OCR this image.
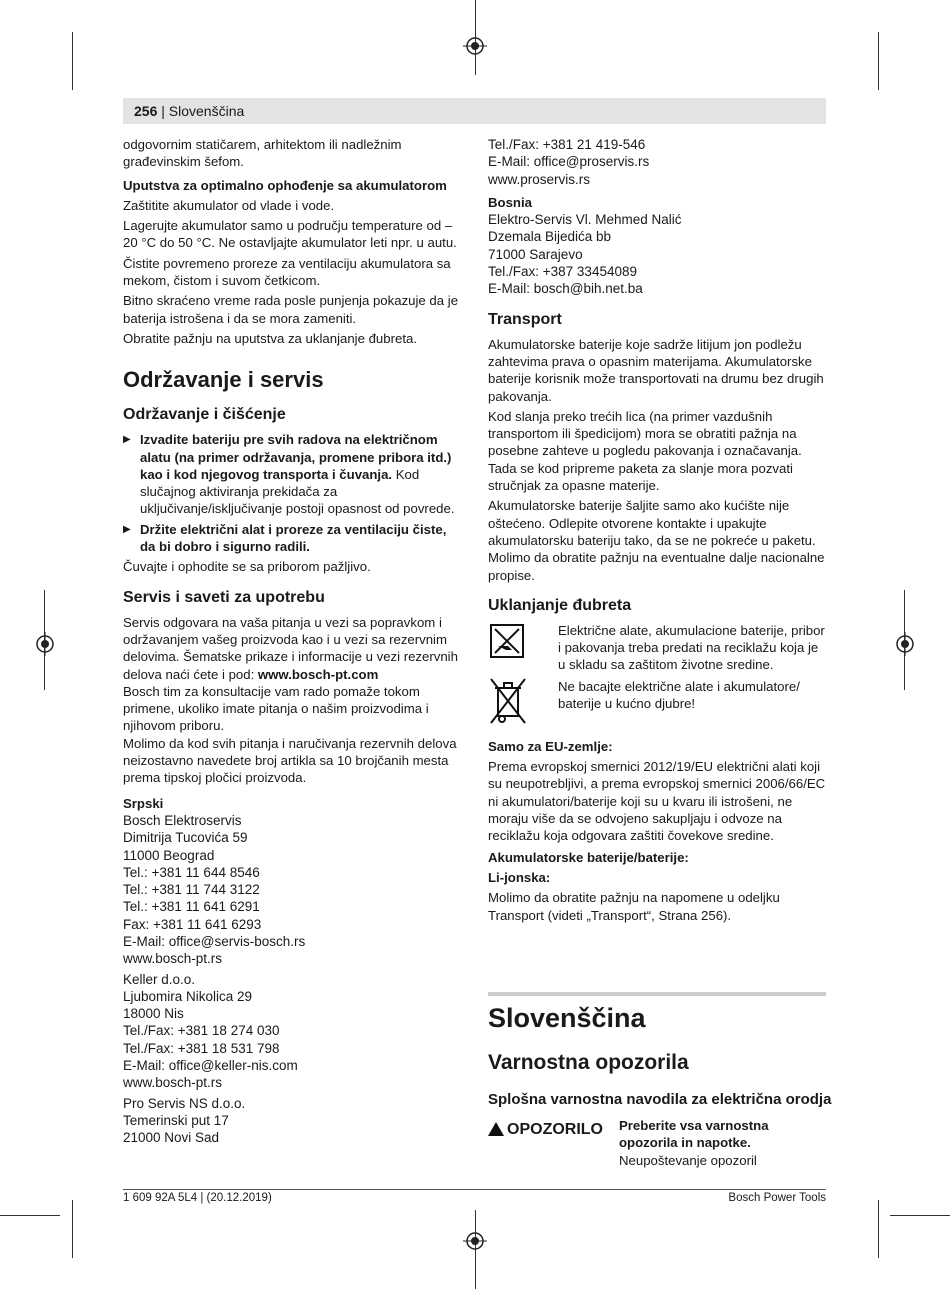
256 | Slovenščina

odgovornim statičarem, arhitektom ili nadležnim građevinskim šefom.

Uputstva za optimalno ophođenje sa akumulatorom

Zaštitite akumulator od vlade i vode.

Lagerujte akumulator samo u području temperature od –20 °C do 50 °C. Ne ostavljajte akumulator leti npr. u autu.

Čistite povremeno proreze za ventilaciju akumulatora sa mekom, čistom i suvom četkicom.

Bitno skraćeno vreme rada posle punjenja pokazuje da je baterija istrošena i da se mora zameniti.

Obratite pažnju na uputstva za uklanjanje đubreta.

Održavanje i servis
Održavanje i čišćenje

▶ Izvadite bateriju pre svih radova na električnom alatu (na primer održavanja, promene pribora itd.) kao i kod njegovog transporta i čuvanja. Kod slučajnog aktiviranja prekidača za uključivanje/isključivanje postoji opasnost od povrede.

▶ Držite električni alat i proreze za ventilaciju čiste, da bi dobro i sigurno radili.

Čuvajte i ophodite se sa priborom pažljivo.

Servis i saveti za upotrebu

Servis odgovara na vaša pitanja u vezi sa popravkom i održavanjem vašeg proizvoda kao i u vezi sa rezervnim delovima. Šematske prikaze i informacije u vezi rezervnih delova naći ćete i pod: www.bosch-pt.com

Bosch tim za konsultacije vam rado pomaže tokom primene, ukoliko imate pitanja o našim proizvodima i njihovom priboru.

Molimo da kod svih pitanja i naručivanja rezervnih delova neizostavno navedete broj artikla sa 10 brojčanih mesta prema tipskoj pločici proizvoda.

Srpski

Bosch Elektroservis
Dimitrija Tucovića 59
11000 Beograd
Tel.: +381 11 644 8546
Tel.: +381 11 744 3122
Tel.: +381 11 641 6291
Fax: +381 11 641 6293
E-Mail: office@servis-bosch.rs
www.bosch-pt.rs
Keller d.o.o.
Ljubomira Nikolica 29
18000 Nis
Tel./Fax: +381 18 274 030
Tel./Fax: +381 18 531 798
E-Mail: office@keller-nis.com
www.bosch-pt.rs
Pro Servis NS d.o.o.
Temerinski put 17
21000 Novi Sad
Tel./Fax: +381 21 419-546
E-Mail: office@proservis.rs
www.proservis.rs

Bosnia

Elektro-Servis Vl. Mehmed Nalić
Dzemala Bijedića bb
71000 Sarajevo
Tel./Fax: +387 33454089
E-Mail: bosch@bih.net.ba
Transport

Akumulatorske baterije koje sadrže litijum jon podležu zahtevima prava o opasnim materijama. Akumulatorske baterije korisnik može transportovati na drumu bez drugih pakovanja.

Kod slanja preko trećih lica (na primer vazdušnih transportom ili špedicijom) mora se obratiti pažnja na posebne zahteve u pogledu pakovanja i označavanja. Tada se kod pripreme paketa za slanje mora pozvati stručnjak za opasne materije.

Akumulatorske baterije šaljite samo ako kućište nije oštećeno. Odlepite otvorene kontakte i upakujte akumulatorsku bateriju tako, da se ne pokreće u paketu. Molimo da obratite pažnju na eventualne dalje nacionalne propise.

Uklanjanje đubreta

Električne alate, akumulacione baterije, pribor i pakovanja treba predati na reciklažu koja je u skladu sa zaštitom životne sredine.

Ne bacajte električne alate i akumulatore/ baterije u kućno djubre!

Samo za EU-zemlje:

Prema evropskoj smernici 2012/19/EU električni alati koji su neupotrebljivi, a prema evropskoj smernici 2006/66/EC ni akumulatori/baterije koji su u kvaru ili istrošeni, ne moraju više da se odvojeno sakupljaju i odvoze na reciklažu koja odgovara zaštiti čovekove sredine.

Akumulatorske baterije/baterije:

Li-jonska:

Molimo da obratite pažnju na napomene u odeljku Transport (videti „Transport“, Strana 256).

Slovenščina
Varnostna opozorila
Splošna varnostna navodila za električna orodja
OPOZORILO Preberite vsa varnostna opozorila in napotke. Neupoštevanje opozoril
1 609 92A 5L4 | (20.12.2019)	Bosch Power Tools
